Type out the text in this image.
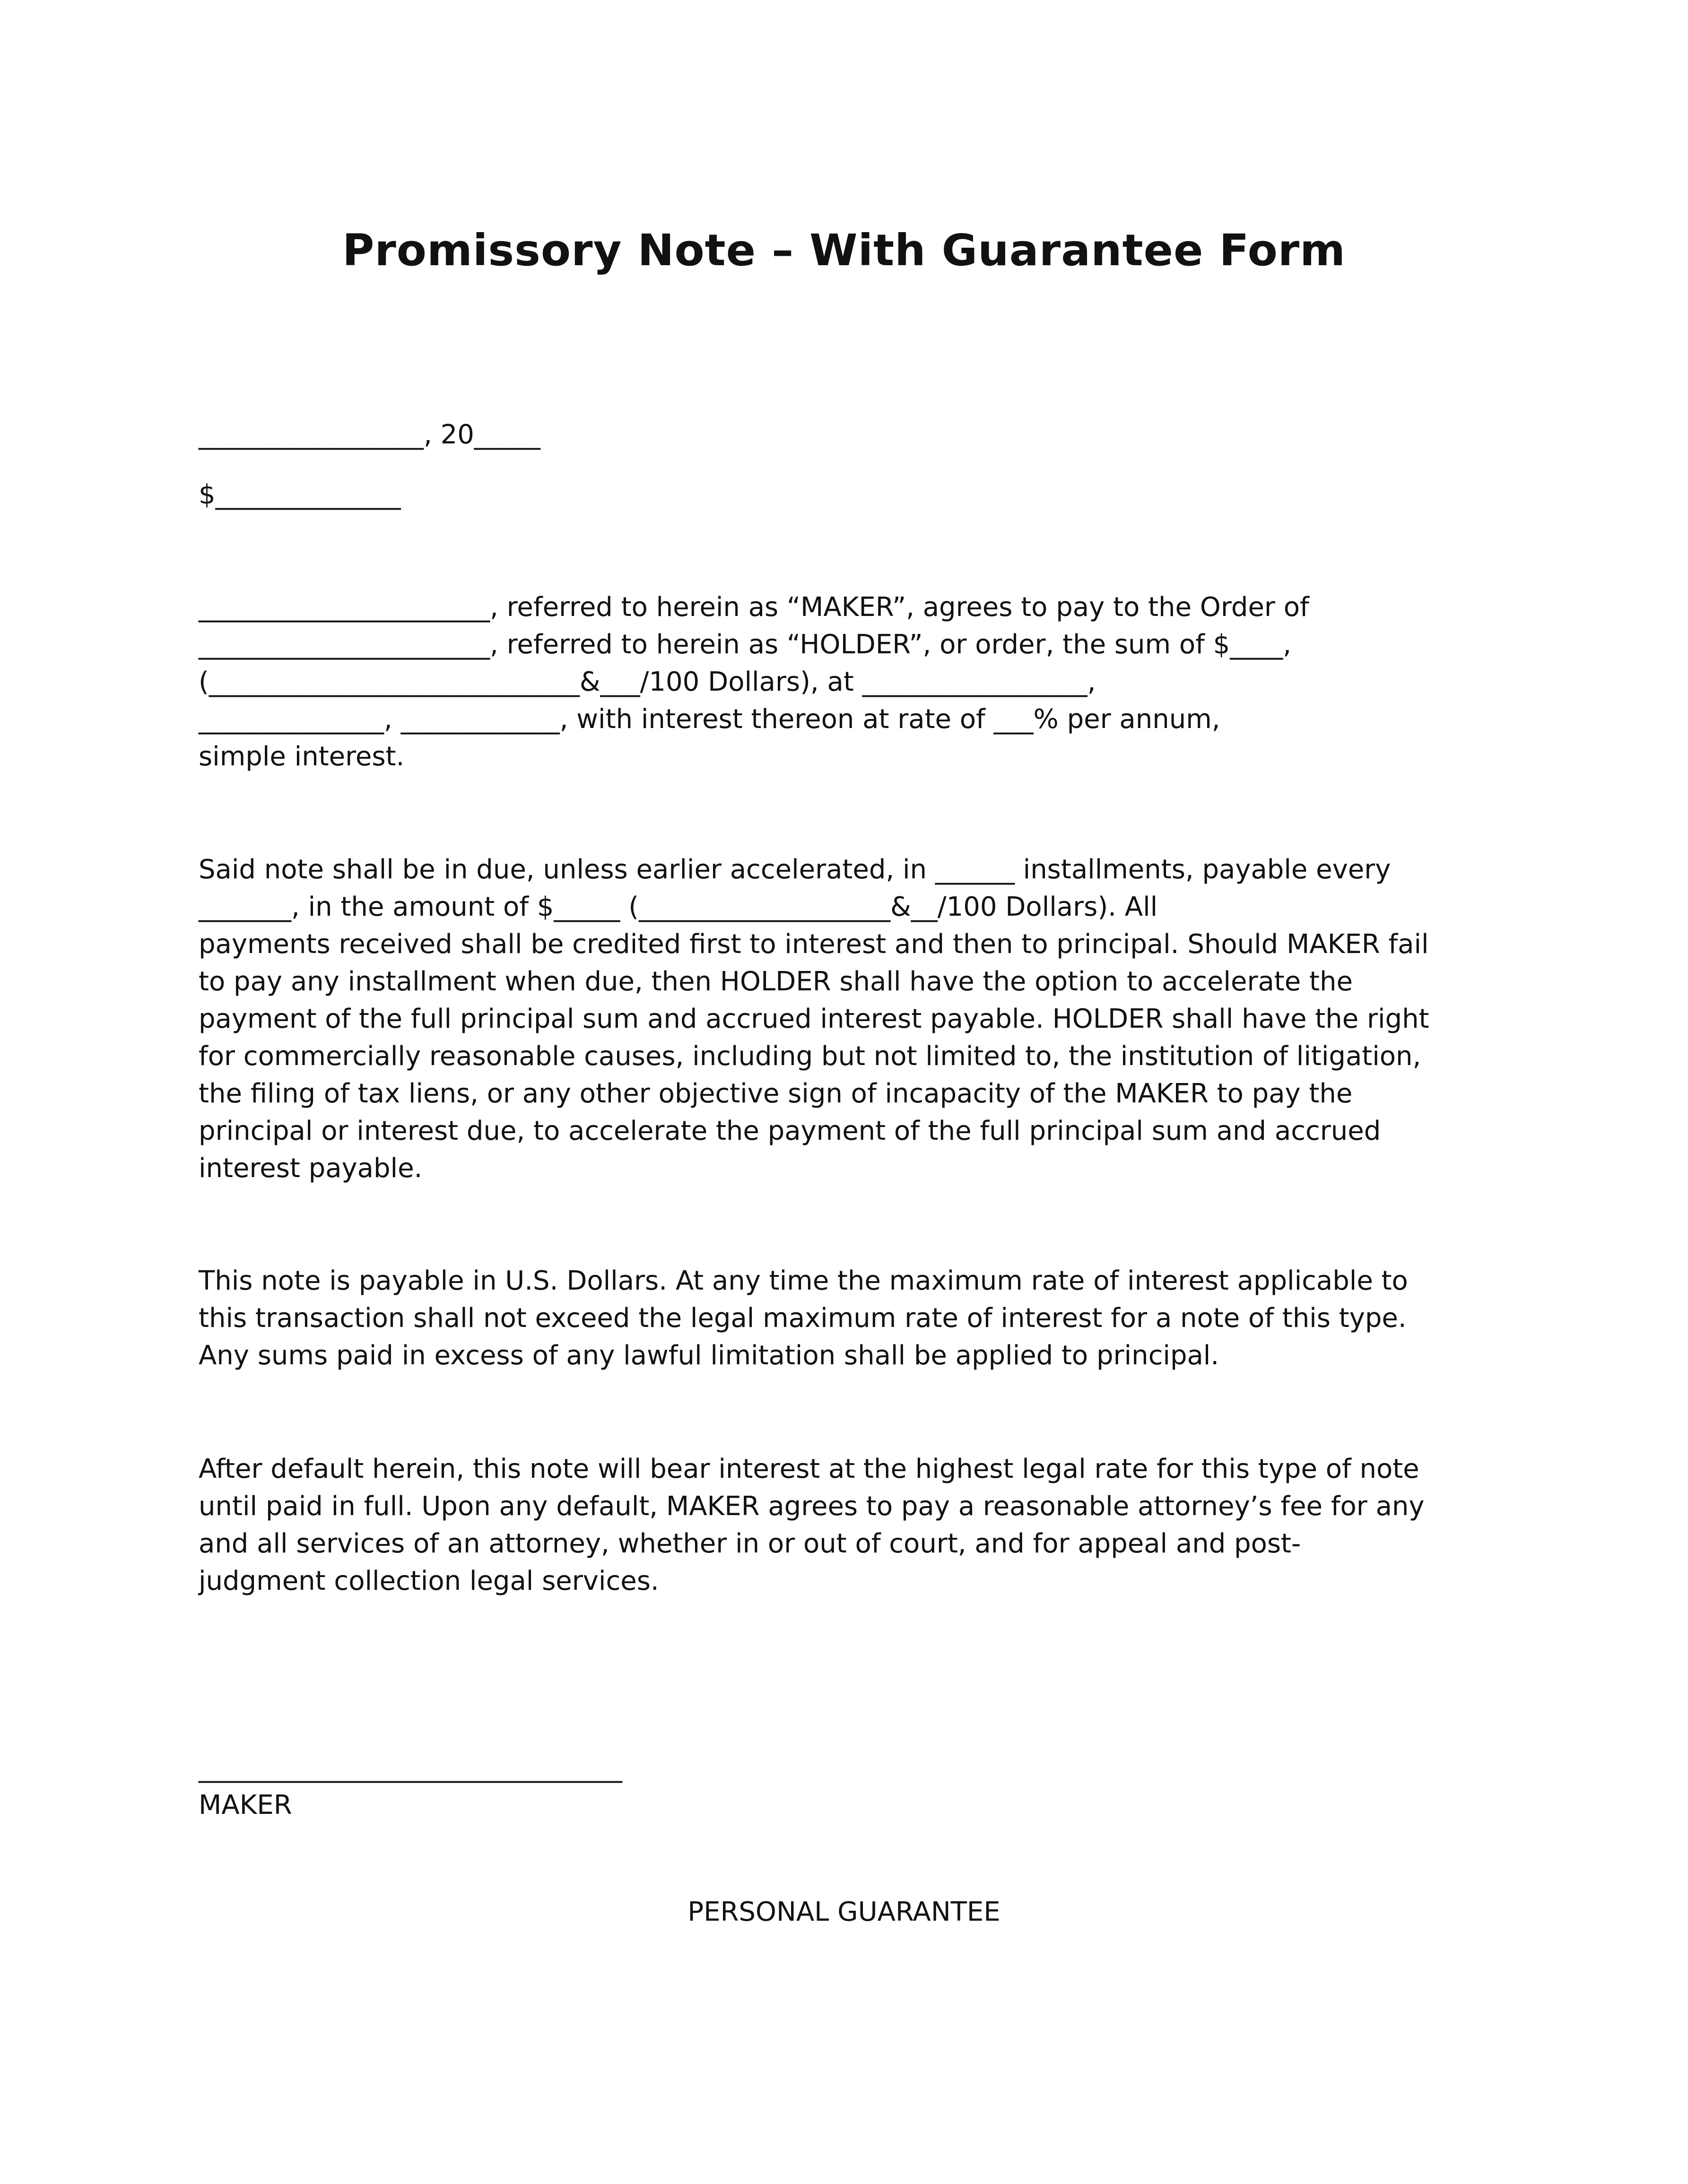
Promissory Note – With Guarantee Form
_________________, 20_____
$______________
______________________, referred to herein as “MAKER”, agrees to pay to the Order of
______________________, referred to herein as “HOLDER”, or order, the sum of $____,
(____________________________&___/100 Dollars), at _________________,
______________, ____________, with interest thereon at rate of ___% per annum,
simple interest.
Said note shall be in due, unless earlier accelerated, in ______ installments, payable every
_______, in the amount of $_____ (___________________&__/100 Dollars). All
payments received shall be credited first to interest and then to principal. Should MAKER fail
to pay any installment when due, then HOLDER shall have the option to accelerate the
payment of the full principal sum and accrued interest payable. HOLDER shall have the right
for commercially reasonable causes, including but not limited to, the institution of litigation,
the filing of tax liens, or any other objective sign of incapacity of the MAKER to pay the
principal or interest due, to accelerate the payment of the full principal sum and accrued
interest payable.
This note is payable in U.S. Dollars. At any time the maximum rate of interest applicable to
this transaction shall not exceed the legal maximum rate of interest for a note of this type.
Any sums paid in excess of any lawful limitation shall be applied to principal.
After default herein, this note will bear interest at the highest legal rate for this type of note
until paid in full. Upon any default, MAKER agrees to pay a reasonable attorney’s fee for any
and all services of an attorney, whether in or out of court, and for appeal and post-
judgment collection legal services.
________________________________
MAKER
PERSONAL GUARANTEE
